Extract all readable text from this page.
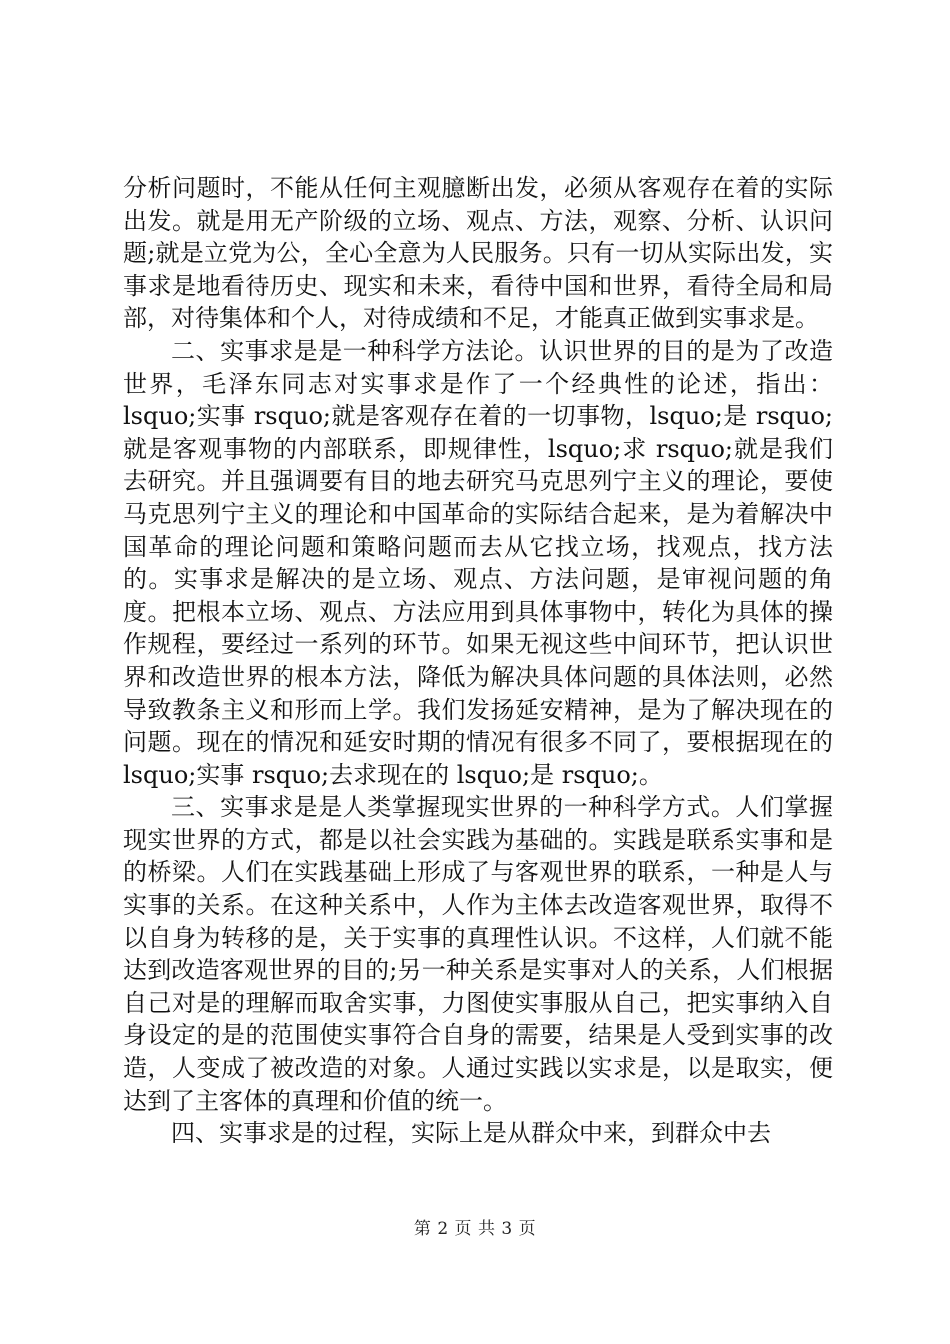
分析问题时，不能从任何主观臆断出发，必须从客观存在着的实际出发。就是用无产阶级的立场、观点、方法，观察、分析、认识问题;就是立党为公，全心全意为人民服务。只有一切从实际出发，实事求是地看待历史、现实和未来，看待中国和世界，看待全局和局部，对待集体和个人，对待成绩和不足，才能真正做到实事求是。

二、实事求是是一种科学方法论。认识世界的目的是为了改造世界，毛泽东同志对实事求是作了一个经典性的论述，指出：lsquo;实事 rsquo;就是客观存在着的一切事物，lsquo;是 rsquo;就是客观事物的内部联系，即规律性，lsquo;求 rsquo;就是我们去研究。并且强调要有目的地去研究马克思列宁主义的理论，要使马克思列宁主义的理论和中国革命的实际结合起来，是为着解决中国革命的理论问题和策略问题而去从它找立场，找观点，找方法的。实事求是解决的是立场、观点、方法问题，是审视问题的角度。把根本立场、观点、方法应用到具体事物中，转化为具体的操作规程，要经过一系列的环节。如果无视这些中间环节，把认识世界和改造世界的根本方法，降低为解决具体问题的具体法则，必然导致教条主义和形而上学。我们发扬延安精神，是为了解决现在的问题。现在的情况和延安时期的情况有很多不同了，要根据现在的 lsquo;实事 rsquo;去求现在的 lsquo;是 rsquo;。

三、实事求是是人类掌握现实世界的一种科学方式。人们掌握现实世界的方式，都是以社会实践为基础的。实践是联系实事和是的桥梁。人们在实践基础上形成了与客观世界的联系，一种是人与实事的关系。在这种关系中，人作为主体去改造客观世界，取得不以自身为转移的是，关于实事的真理性认识。不这样，人们就不能达到改造客观世界的目的;另一种关系是实事对人的关系，人们根据自己对是的理解而取舍实事，力图使实事服从自己，把实事纳入自身设定的是的范围使实事符合自身的需要，结果是人受到实事的改造，人变成了被改造的对象。人通过实践以实求是，以是取实，便达到了主客体的真理和价值的统一。

四、实事求是的过程，实际上是从群众中来，到群众中去

第 2 页 共 3 页
